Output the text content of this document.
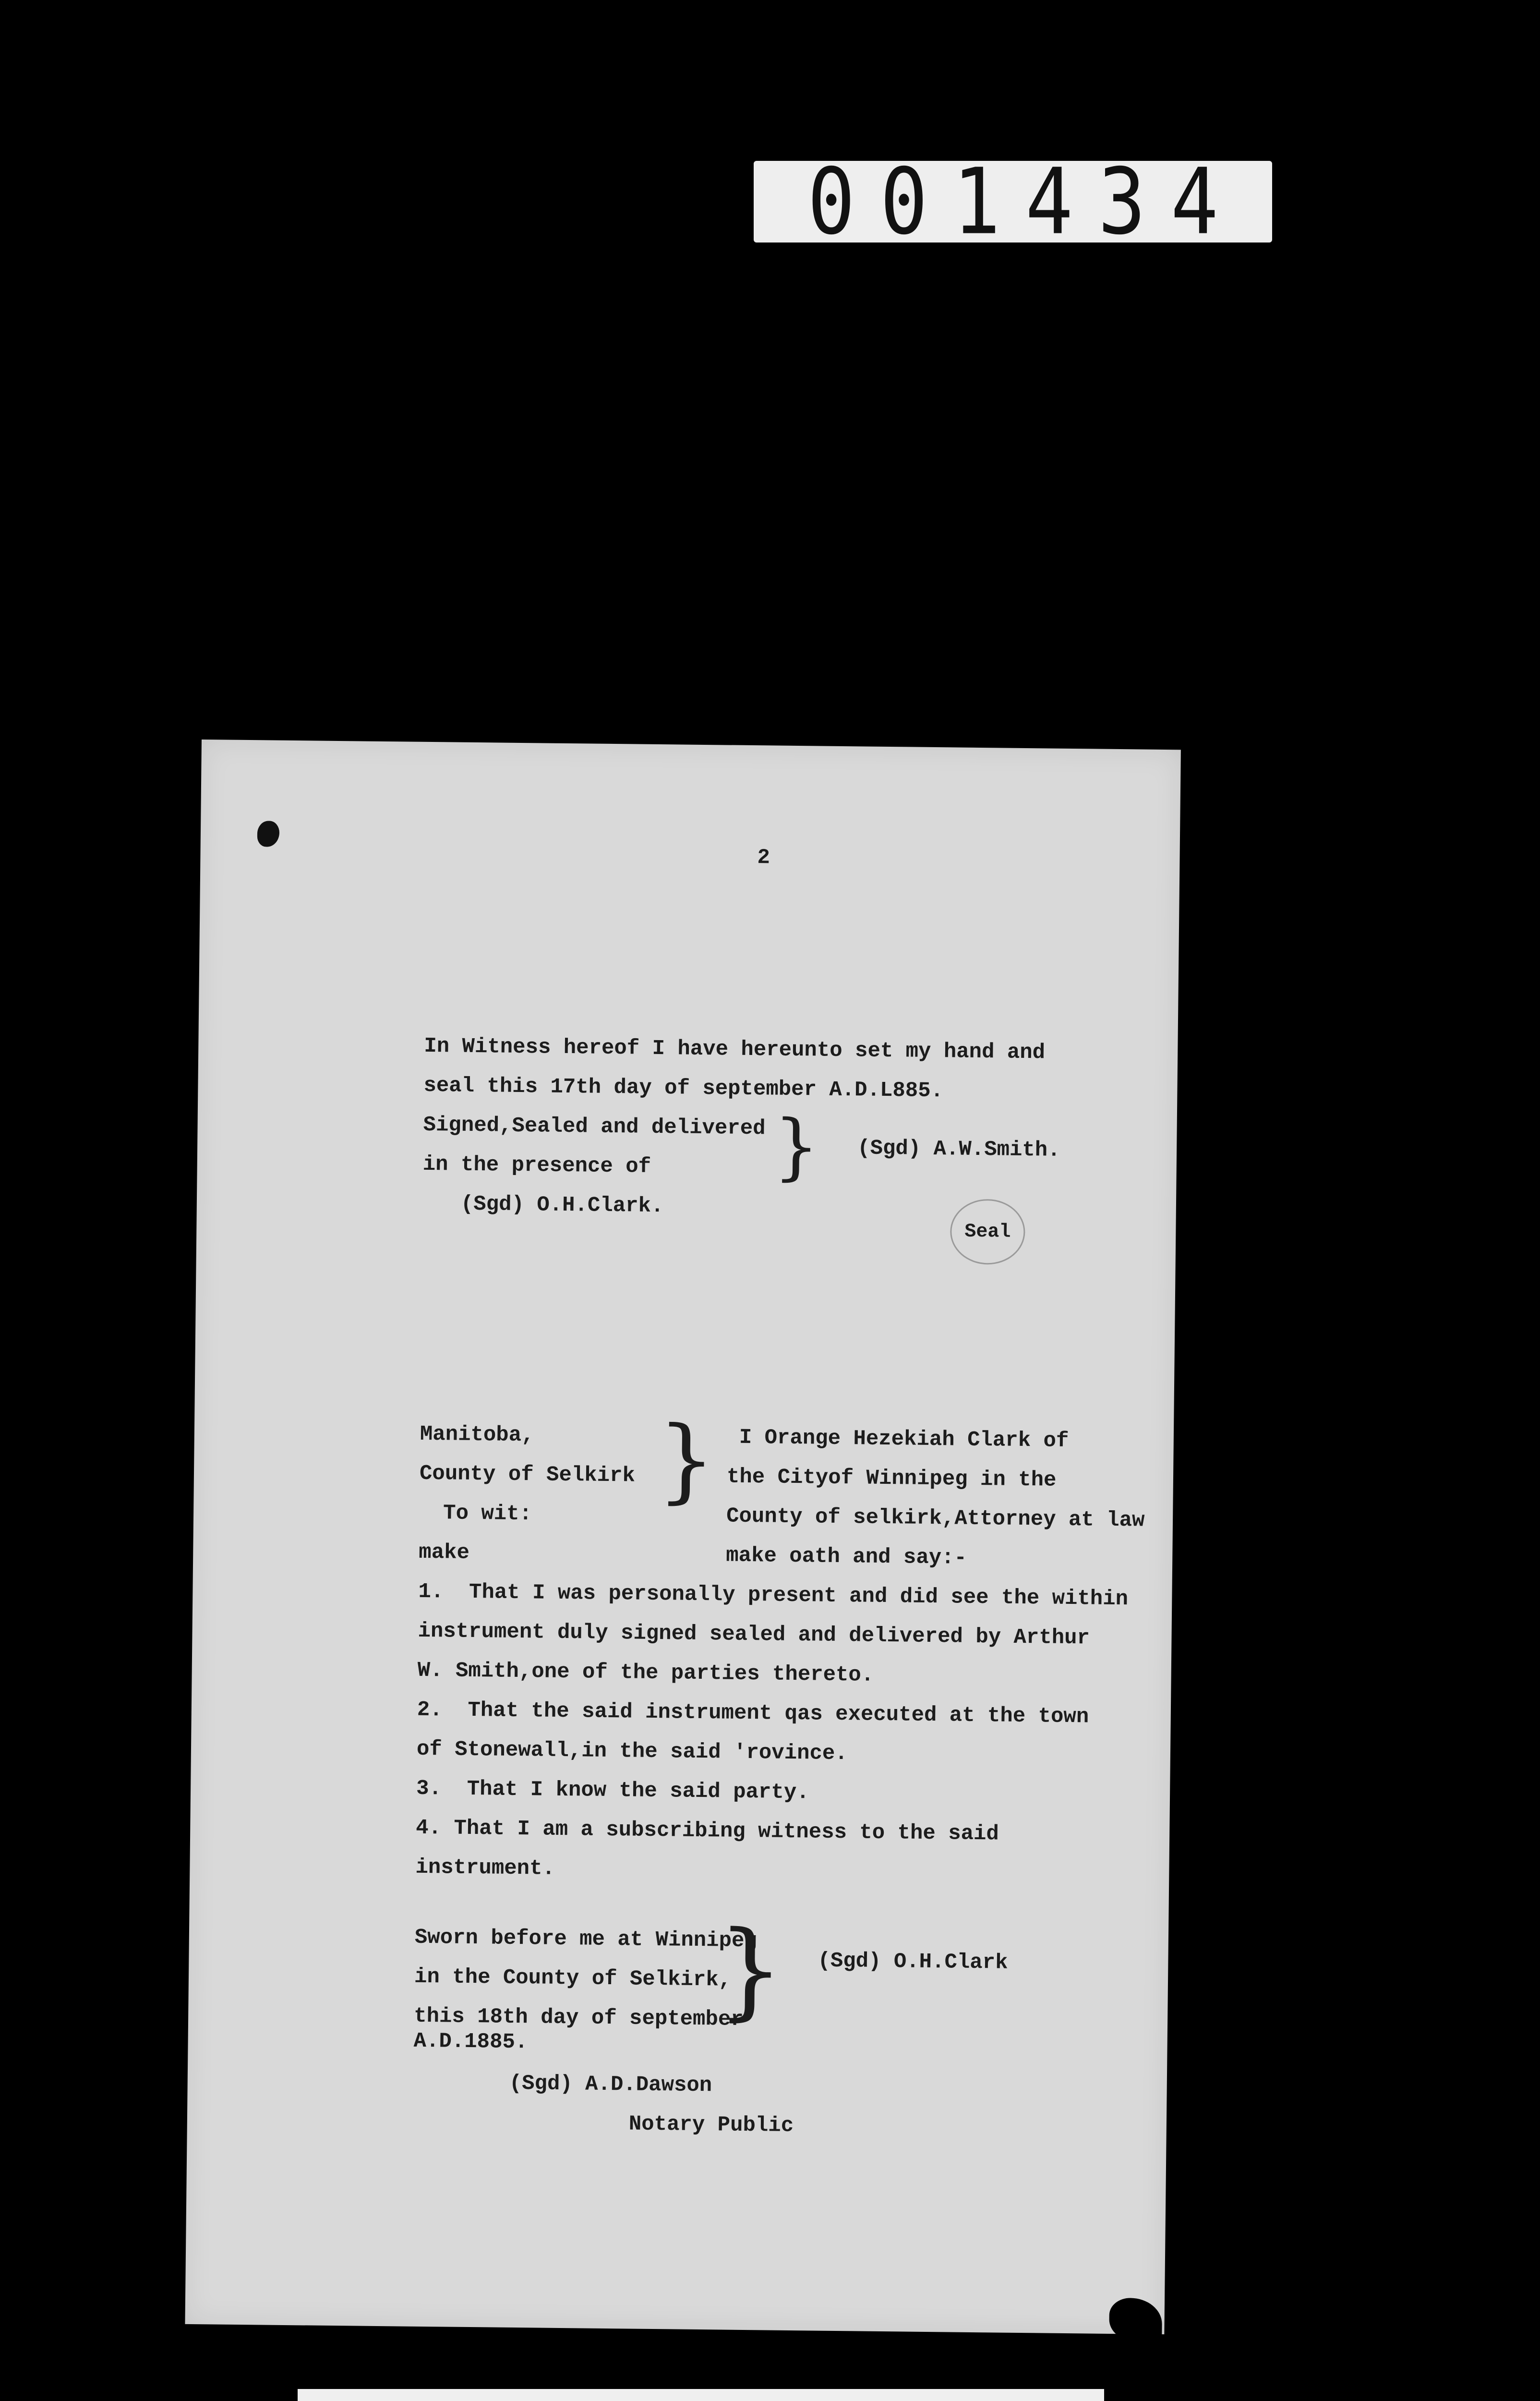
001434
2
In Witness hereof I have hereunto set my hand and
seal this 17th day of september A.D.L885.
Signed,Sealed and delivered
in the presence of } (Sgd) A.W.Smith.
(Sgd) O.H.Clark.
Seal
Manitoba,
County of Selkirk
To wit:
make
} I Orange Hezekiah Clark of
the Cityof Winnipeg in the
County of selkirk,Attorney at law
make oath and say:-
1.  That I was personally present and did see the within
instrument duly signed sealed and delivered by Arthur
W. Smith,one of the parties thereto.
2.  That the said instrument qas executed at the town
of Stonewall,in the said 'rovince.
3.  That I know the said party.
4. That I am a subscribing witness to the said
instrument.
Sworn before me at Winnipeg
in the County of Selkirk,
this 18th day of september
A.D.1885.
} (Sgd) O.H.Clark
(Sgd) A.D.Dawson
Notary Public
